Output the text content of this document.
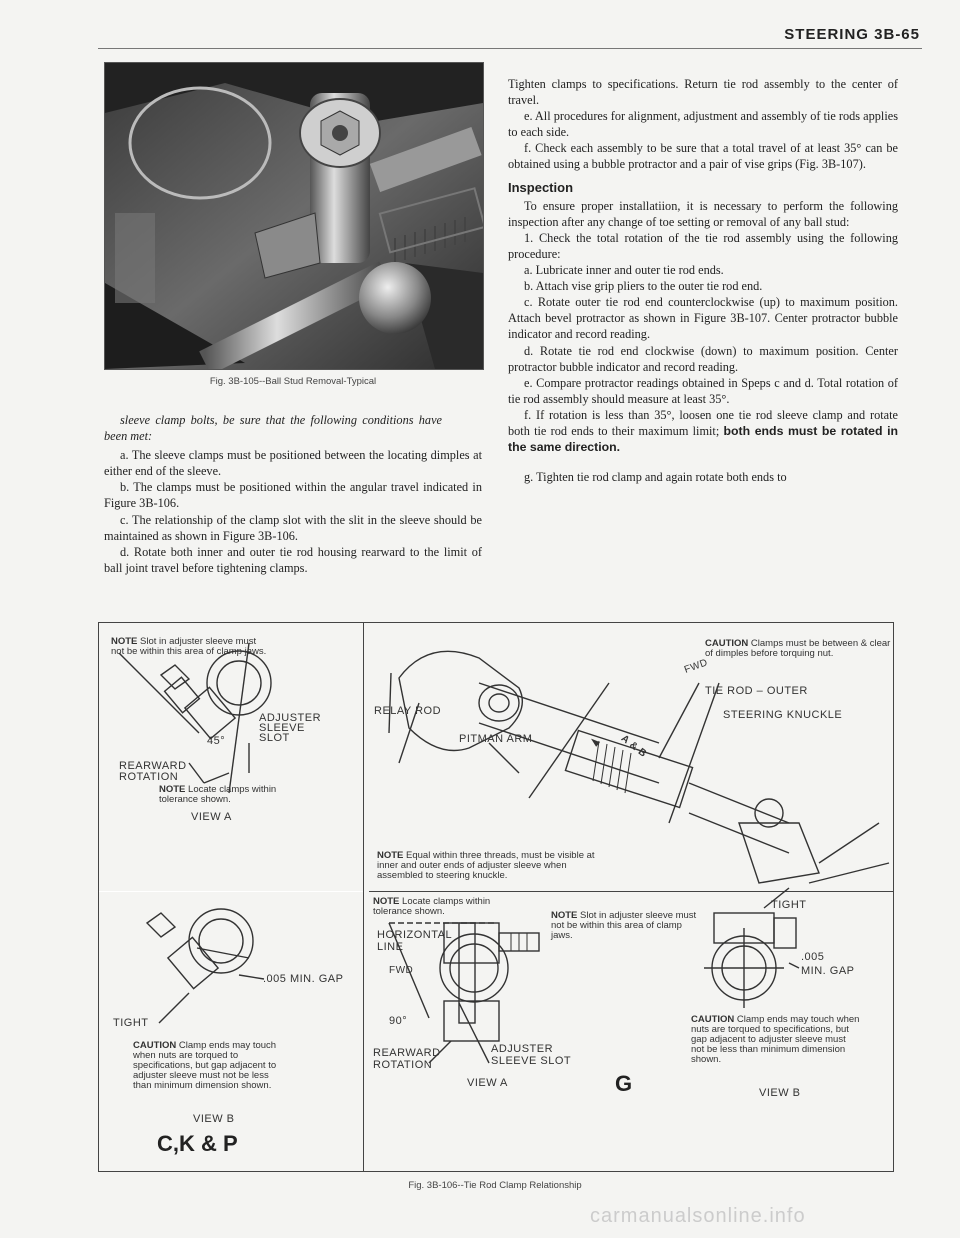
STEERING 3B-65
Fig. 3B-105--Ball Stud Removal-Typical

sleeve clamp bolts, be sure that the following conditions have been met:

a. The sleeve clamps must be positioned between the locating dimples at either end of the sleeve.

b. The clamps must be positioned within the angular travel indicated in Figure 3B-106.

c. The relationship of the clamp slot with the slit in the sleeve should be maintained as shown in Figure 3B-106.

d. Rotate both inner and outer tie rod housing rearward to the limit of ball joint travel before tightening clamps.

Tighten clamps to specifications. Return tie rod assembly to the center of travel.

e. All procedures for alignment, adjustment and assembly of tie rods applies to each side.

f. Check each assembly to be sure that a total travel of at least 35° can be obtained using a bubble protractor and a pair of vise grips (Fig. 3B-107).

Inspection

To ensure proper installatiion, it is necessary to perform the following inspection after any change of toe setting or removal of any ball stud:

1. Check the total rotation of the tie rod assembly using the following procedure:

a. Lubricate inner and outer tie rod ends.

b. Attach vise grip pliers to the outer tie rod end.

c. Rotate outer tie rod end counterclockwise (up) to maximum position. Attach bevel protractor as shown in Figure 3B-107. Center protractor bubble indicator and record reading.

d. Rotate tie rod end clockwise (down) to maximum position. Center protractor bubble indicator and record reading.

e. Compare protractor readings obtained in Speps c and d. Total rotation of tie rod assembly should measure at least 35°.

f. If rotation is less than 35°, loosen one tie rod sleeve clamp and rotate both tie rod ends to their maximum limit; both ends must be rotated in the same direction.

g. Tighten tie rod clamp and again rotate both ends to

◄
NOTE Slot in adjuster sleeve must not be within this area of clamp jaws.
ADJUSTER SLEEVE SLOT
45°
REARWARD ROTATION
NOTE Locate clamps within tolerance shown.
VIEW A
TIGHT
.005 MIN. GAP
CAUTION Clamp ends may touch when nuts are torqued to specifications, but gap adjacent to adjuster sleeve must not be less than minimum dimension shown.
VIEW B
C,K & P
CAUTION Clamps must be between & clear of dimples before torquing nut.
RELAY ROD
PITMAN ARM
TIE ROD – OUTER
STEERING KNUCKLE
FWD
A & B
NOTE Equal within three threads, must be visible at inner and outer ends of adjuster sleeve when assembled to steering knuckle.
NOTE Locate clamps within tolerance shown.	NOTE Slot in adjuster sleeve must not be within this area of clamp jaws.
HORIZONTAL LINE
FWD
90°
REARWARD ROTATION
ADJUSTER SLEEVE SLOT
VIEW A	G
TIGHT
.005
MIN. GAP
CAUTION Clamp ends may touch when nuts are torqued to specifications, but gap adjacent to adjuster sleeve must not be less than minimum dimension shown.
VIEW B
Fig. 3B-106--Tie Rod Clamp Relationship
carmanualsonline.info
